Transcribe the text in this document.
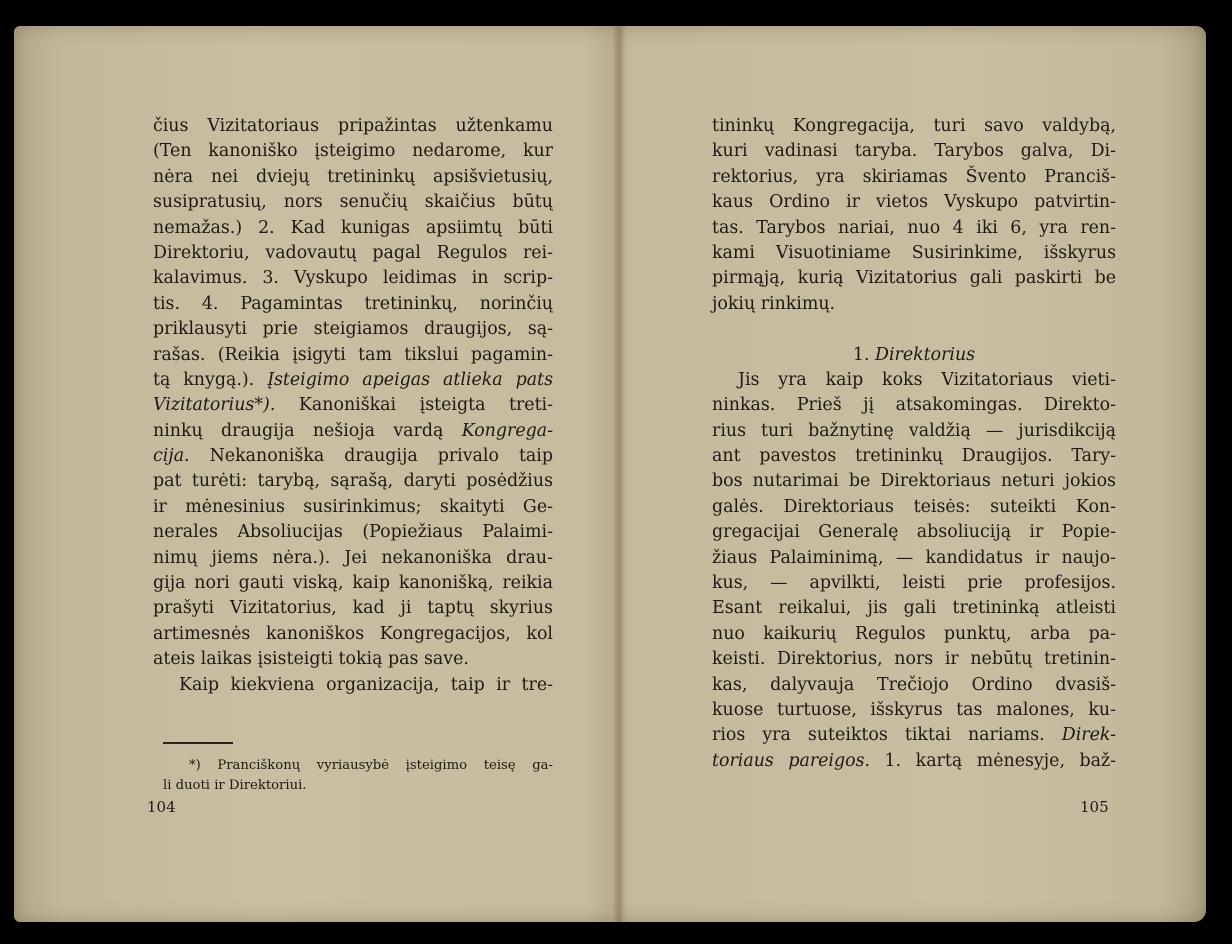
čius Vizitatoriaus pripažintas užtenkamu
(Ten kanoniško įsteigimo nedarome, kur
nėra nei dviejų tretininkų apsišvietusių,
susipratusių, nors senučių skaičius būtų
nemažas.) 2. Kad kunigas apsiimtų būti
Direktoriu, vadovautų pagal Regulos rei-
kalavimus. 3. Vyskupo leidimas in scrip-
tis. 4. Pagamintas tretininkų, norinčių
priklausyti prie steigiamos draugijos, są-
rašas. (Reikia įsigyti tam tikslui pagamin-
tą knygą.). Įsteigimo apeigas atlieka pats
Vizitatorius*). Kanoniškai įsteigta treti-
ninkų draugija nešioja vardą Kongrega-
cija. Nekanoniška draugija privalo taip
pat turėti: tarybą, sąrašą, daryti posėdžius
ir mėnesinius susirinkimus; skaityti Ge-
nerales Absoliucijas (Popiežiaus Palaimi-
nimų jiems nėra.). Jei nekanoniška drau-
gija nori gauti viską, kaip kanonišką, reikia
prašyti Vizitatorius, kad ji taptų skyrius
artimesnės kanoniškos Kongregacijos, kol
ateis laikas įsisteigti tokią pas save.
Kaip kiekviena organizacija, taip ir tre-
*) Pranciškonų vyriausybė įsteigimo teisę ga-
li duoti ir Direktoriui.
104
tininkų Kongregacija, turi savo valdybą,
kuri vadinasi taryba. Tarybos galva, Di-
rektorius, yra skiriamas Švento Pranciš-
kaus Ordino ir vietos Vyskupo patvirtin-
tas. Tarybos nariai, nuo 4 iki 6, yra ren-
kami Visuotiniame Susirinkime, išskyrus
pirmąją, kurią Vizitatorius gali paskirti be
jokių rinkimų.
1. Direktorius
Jis yra kaip koks Vizitatoriaus vieti-
ninkas. Prieš jį atsakomingas. Direkto-
rius turi bažnytinę valdžią — jurisdikciją
ant pavestos tretininkų Draugijos. Tary-
bos nutarimai be Direktoriaus neturi jokios
galės. Direktoriaus teisės: suteikti Kon-
gregacijai Generalę absoliuciją ir Popie-
žiaus Palaiminimą, — kandidatus ir naujo-
kus, — apvilkti, leisti prie profesijos.
Esant reikalui, jis gali tretininką atleisti
nuo kaikurių Regulos punktų, arba pa-
keisti. Direktorius, nors ir nebūtų tretinin-
kas, dalyvauja Trečiojo Ordino dvasiš-
kuose turtuose, išskyrus tas malones, ku-
rios yra suteiktos tiktai nariams. Direk-
toriaus pareigos. 1. kartą mėnesyje, baž-
105
